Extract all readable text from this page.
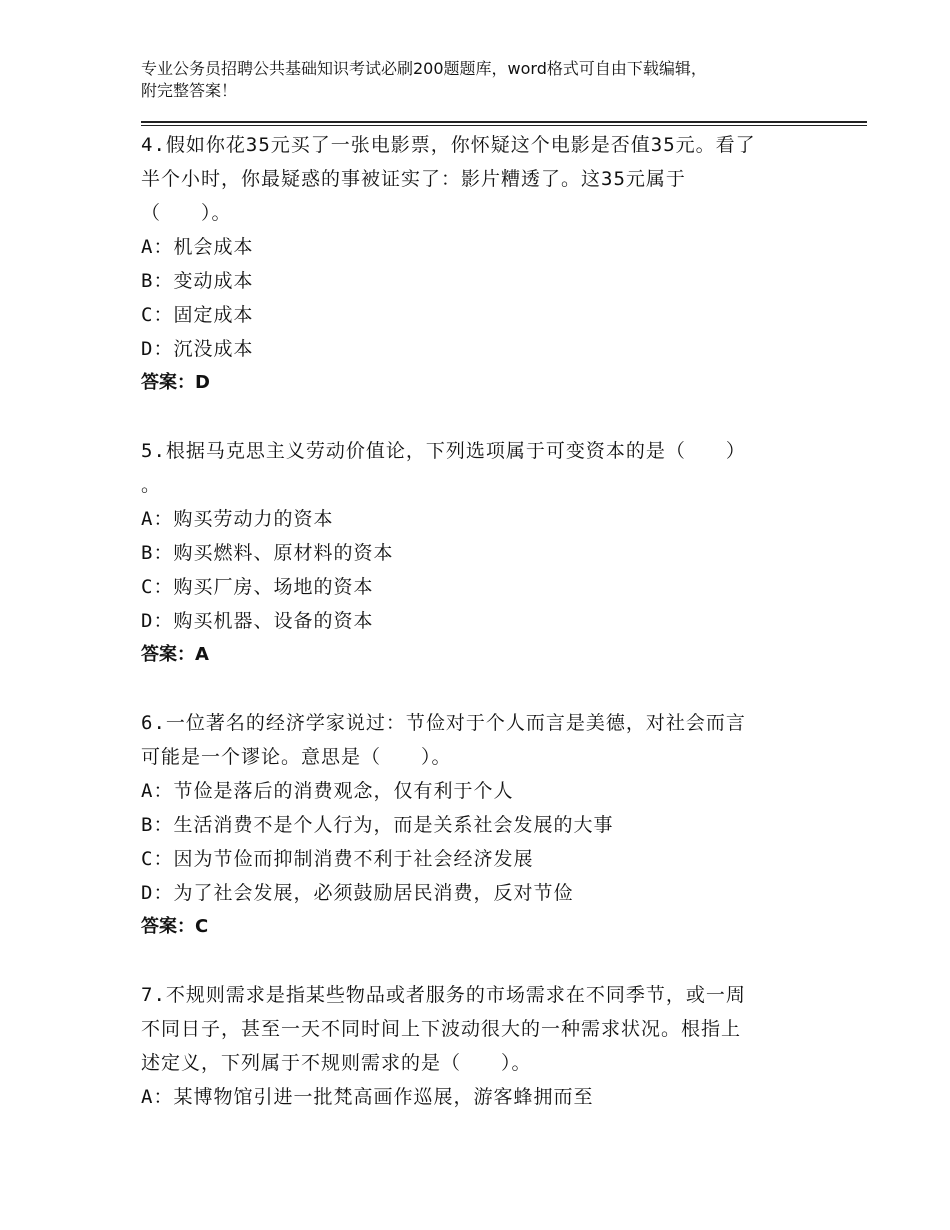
专业公务员招聘公共基础知识考试必刷200题题库，word格式可自由下载编辑，
附完整答案！
4.假如你花35元买了一张电影票，你怀疑这个电影是否值35元。看了
半个小时，你最疑惑的事被证实了：影片糟透了。这35元属于
（　　）。
A：机会成本
B：变动成本
C：固定成本
D：沉没成本
答案：D
5.根据马克思主义劳动价值论，下列选项属于可变资本的是（　　）
。
A：购买劳动力的资本
B：购买燃料、原材料的资本
C：购买厂房、场地的资本
D：购买机器、设备的资本
答案：A
6.一位著名的经济学家说过：节俭对于个人而言是美德，对社会而言
可能是一个谬论。意思是（　　）。
A：节俭是落后的消费观念，仅有利于个人
B：生活消费不是个人行为，而是关系社会发展的大事
C：因为节俭而抑制消费不利于社会经济发展
D：为了社会发展，必须鼓励居民消费，反对节俭
答案：C
7.不规则需求是指某些物品或者服务的市场需求在不同季节，或一周
不同日子，甚至一天不同时间上下波动很大的一种需求状况。根指上
述定义，下列属于不规则需求的是（　　）。
A：某博物馆引进一批梵高画作巡展，游客蜂拥而至
